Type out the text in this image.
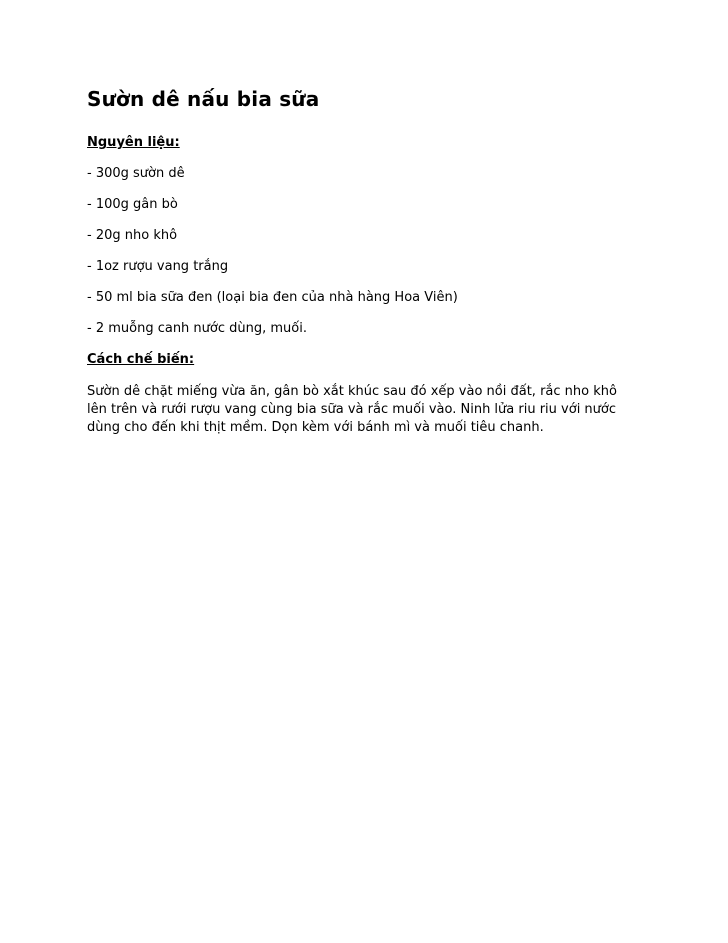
Sườn dê nấu bia sữa
Nguyên liệu:
- 300g sườn dê
- 100g gân bò
- 20g nho khô
- 1oz rượu vang trắng
- 50 ml bia sữa đen (loại bia đen của nhà hàng Hoa Viên)
- 2 muỗng canh nước dùng, muối.
Cách chế biến:

Sườn dê chặt miếng vừa ăn, gân bò xắt khúc sau đó xếp vào nồi đất, rắc nho khô lên trên và rưới rượu vang cùng bia sữa và rắc muối vào. Ninh lửa riu riu với nước dùng cho đến khi thịt mềm. Dọn kèm với bánh mì và muối tiêu chanh.
